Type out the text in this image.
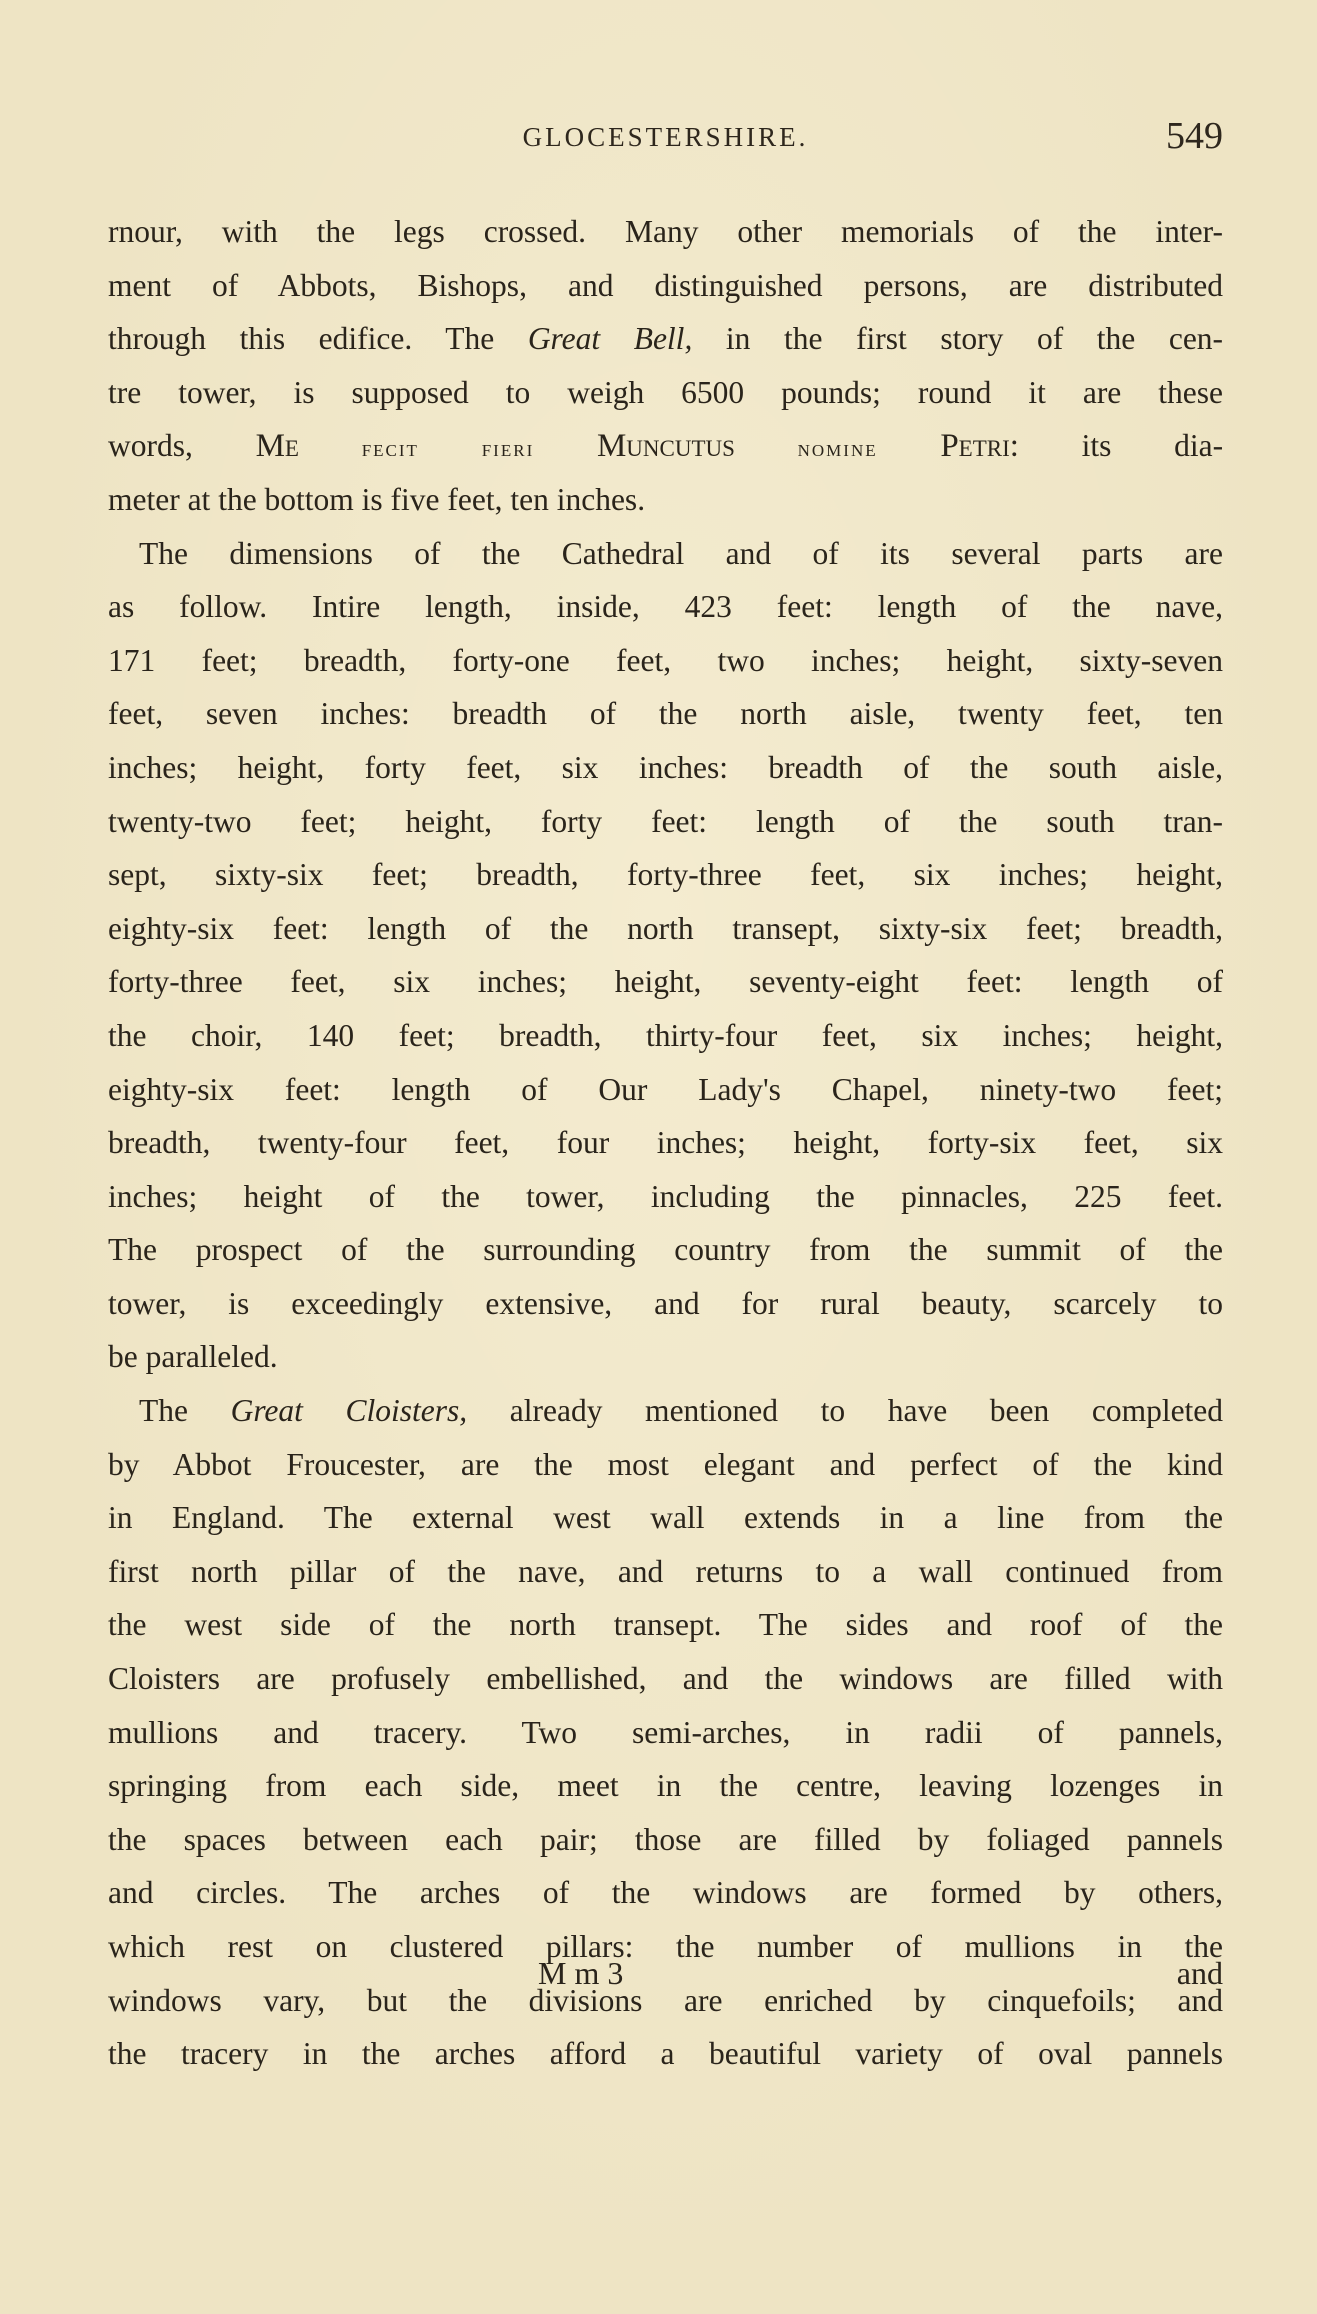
GLOCESTERSHIRE.	549
rnour, with the legs crossed. Many other memorials of the inter-
ment of Abbots, Bishops, and distinguished persons, are distributed
through this edifice. The Great Bell, in the first story of the cen-
tre tower, is supposed to weigh 6500 pounds; round it are these
words, Me	fecit fieri Muncutus	nomine Petri: its dia-
meter at the bottom is five feet, ten inches.
The dimensions of the Cathedral and of its several parts are
as follow. Intire length, inside, 423 feet: length of the nave,
171 feet; breadth, forty-one feet, two inches; height, sixty-seven
feet, seven inches: breadth of the north aisle, twenty feet, ten
inches; height, forty feet, six inches: breadth of the south aisle,
twenty-two feet; height, forty feet: length of the south tran-
sept, sixty-six feet; breadth, forty-three feet, six inches; height,
eighty-six feet: length of the north transept, sixty-six feet; breadth,
forty-three feet, six inches; height, seventy-eight feet: length of
the choir, 140 feet; breadth, thirty-four feet, six inches; height,
eighty-six feet: length of Our Lady's Chapel, ninety-two feet;
breadth, twenty-four feet, four inches; height, forty-six feet, six
inches; height of the tower, including the pinnacles, 225 feet.
The prospect of the surrounding country from the summit of the
tower, is exceedingly extensive, and for rural beauty, scarcely to
be paralleled.
The Great Cloisters, already mentioned to have been completed
by Abbot Froucester, are the most elegant and perfect of the kind
in England. The external west wall extends in a line from the
first north pillar of the nave, and returns to a wall continued from
the west side of the north transept. The sides and roof of the
Cloisters are profusely embellished, and the windows are filled with
mullions and tracery. Two semi-arches, in radii of pannels,
springing from each side, meet in the centre, leaving lozenges in
the spaces between each pair; those are filled by foliaged pannels
and circles. The arches of the windows are formed by others,
which rest on clustered pillars: the number of mullions in the
windows vary, but the divisions are enriched by cinquefoils; and
the tracery in the arches afford a beautiful variety of oval pannels
M m 3	and
